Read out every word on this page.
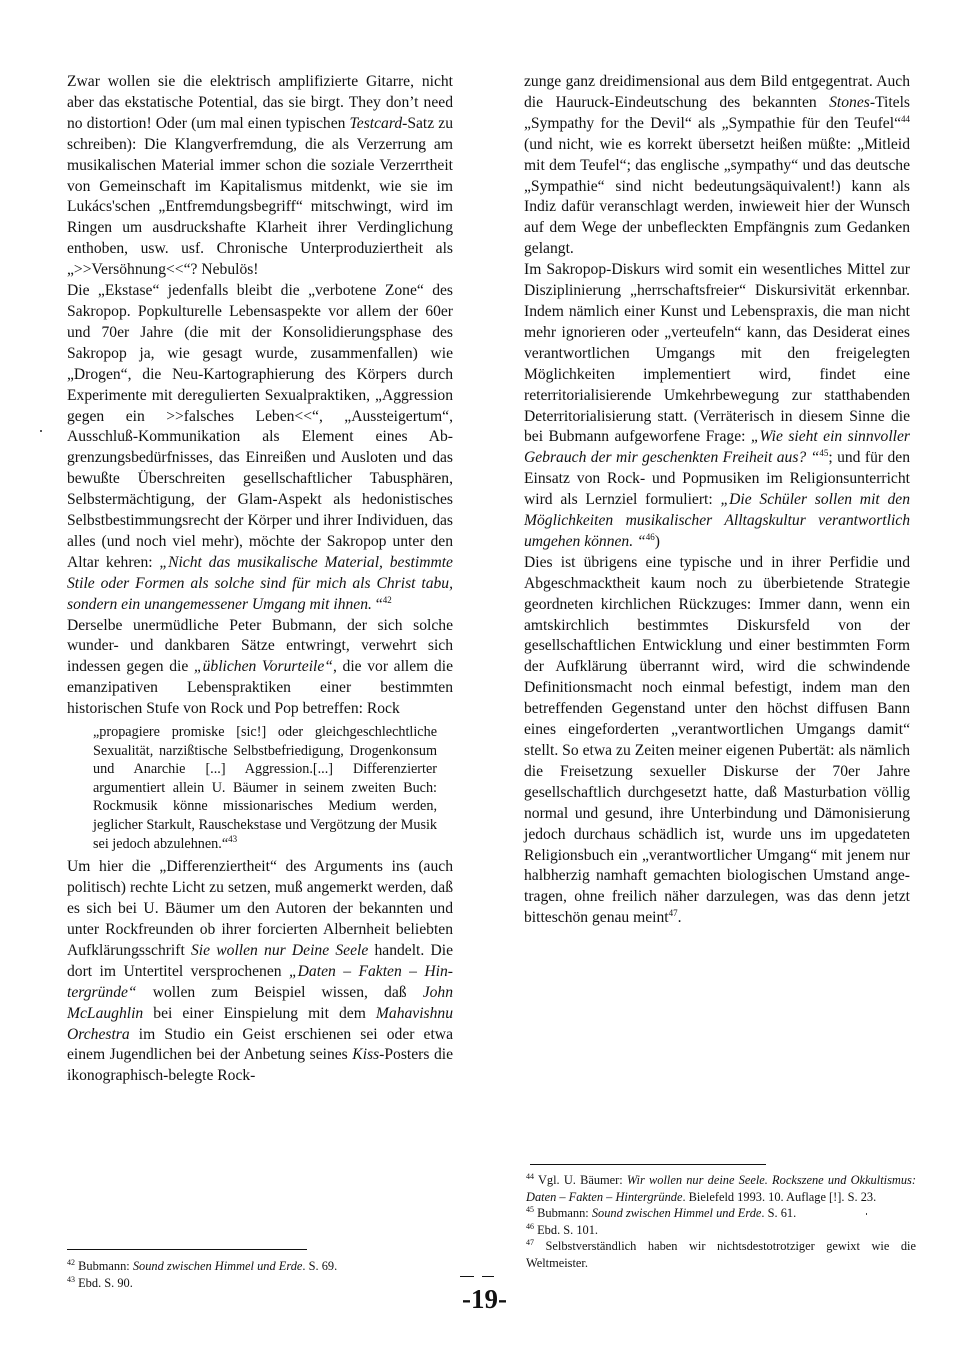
Zwar wollen sie die elektrisch amplifizierte Gitarre, nicht aber das ekstatische Potential, das sie birgt. They don’t need no distortion! Oder (um mal einen typischen Testcard-Satz zu schreiben): Die Klangverfremdung, die als Verzerrung am musikalischen Material immer schon die soziale Verzerrtheit von Gemeinschaft im Kapitalismus mitdenkt, wie sie im Lukács'schen „Entfremdungsbegriff“ mitschwingt, wird im Ringen um ausdruckshafte Klarheit ihrer Verdinglichung enthoben, usw. usf. Chronische Unterproduziertheit als „>>Versöhnung<<“? Nebulös!

Die „Ekstase“ jedenfalls bleibt die „verbotene Zone“ des Sakropop. Popkulturelle Lebensaspekte vor allem der 60er und 70er Jahre (die mit der Konsolidierungsphase des Sakropop ja, wie gesagt wurde, zusammenfallen) wie „Drogen“, die Neu-Kartographierung des Körpers durch Experimente mit deregulierten Sexualpraktiken, „Aggression gegen ein >>falsches Leben<<“, „Aussteigertum“, Ausschluß-Kommunikation als Element eines Abgrenzungsbedürfnisses, das Einreißen und Ausloten und das bewußte Überschreiten gesellschaftlicher Tabusphären, Selbstermächtigung, der Glam-Aspekt als hedonistisches Selbstbestimmungsrecht der Körper und ihrer Individuen, das alles (und noch viel mehr), möchte der Sakropop unter den Altar kehren: „Nicht das musikalische Material, bestimmte Stile oder Formen als solche sind für mich als Christ tabu, sondern ein unangemessener Umgang mit ihnen. “$^{42}$

Derselbe unermüdliche Peter Bubmann, der sich solche wunder- und dankbaren Sätze entwringt, verwehrt sich indessen gegen die „üblichen Vorurteile“, die vor allem die emanzipativen Lebenspraktiken einer bestimmten historischen Stufe von Rock und Pop betreffen: Rock

„propagiere promiske [sic!] oder gleichgeschlechtliche Sexualität, narzißtische Selbstbefriedigung, Drogenkonsum und Anarchie [...] Aggression.[...] Differenzierter argumentiert allein U. Bäumer in seinem zweiten Buch: Rockmusik könne missionarisches Medium werden, jeglicher Starkult, Rauschekstase und Vergötzung der Musik sei jedoch abzulehnen.“$^{43}$

Um hier die „Differenziertheit“ des Arguments ins (auch politisch) rechte Licht zu setzen, muß angemerkt werden, daß es sich bei U. Bäumer um den Autoren der bekannten und unter Rockfreunden ob ihrer forcierten Albernheit beliebten Aufklärungsschrift Sie wollen nur Deine Seele handelt. Die dort im Untertitel versprochenen „Daten – Fakten – Hintergründe“ wollen zum Beispiel wissen, daß John McLaughlin bei einer Einspielung mit dem Mahavishnu Orchestra im Studio ein Geist erschienen sei oder etwa einem Jugendlichen bei der Anbetung seines Kiss-Posters die ikonographisch-belegte Rock-

zunge ganz dreidimensional aus dem Bild entgegentrat. Auch die Hauruck-Eindeutschung des bekannten Stones-Titels „Sympathy for the Devil“ als „Sympathie für den Teufel“$^{44}$ (und nicht, wie es korrekt übersetzt heißen müßte: „Mitleid mit dem Teufel“; das englische „sympathy“ und das deutsche „Sympathie“ sind nicht bedeutungsäquivalent!) kann als Indiz dafür veranschlagt werden, inwieweit hier der Wunsch auf dem Wege der unbefleckten Empfängnis zum Gedanken gelangt.

Im Sakropop-Diskurs wird somit ein wesentliches Mittel zur Disziplinierung „herrschaftsfreier“ Diskursivität erkennbar. Indem nämlich einer Kunst und Lebenspraxis, die man nicht mehr ignorieren oder „verteufeln“ kann, das Desiderat eines verantwortlichen Umgangs mit den freigelegten Möglichkeiten implementiert wird, findet eine reterritorialisierende Umkehrbewegung zur statthabenden Deterritorialisierung statt. (Verräterisch in diesem Sinne die bei Bubmann aufgeworfene Frage: „Wie sieht ein sinnvoller Gebrauch der mir geschenkten Freiheit aus? “$^{45}$; und für den Einsatz von Rock- und Popmusiken im Religionsunterricht wird als Lernziel formuliert: „Die Schüler sollen mit den Möglichkeiten musikalischer Alltagskultur verantwortlich umgehen können. “$^{46}$)

Dies ist übrigens eine typische und in ihrer Perfidie und Abgeschmacktheit kaum noch zu überbietende Strategie geordneten kirchlichen Rückzuges: Immer dann, wenn ein amtskirchlich bestimmtes Diskursfeld von der gesellschaftlichen Entwicklung und einer bestimmten Form der Aufklärung überrannt wird, wird die schwindende Definitionsmacht noch einmal befestigt, indem man den betreffenden Gegenstand unter den höchst diffusen Bann eines eingeforderten „verantwortlichen Umgangs damit“ stellt. So etwa zu Zeiten meiner eigenen Pubertät: als nämlich die Freisetzung sexueller Diskurse der 70er Jahre gesellschaftlich durchgesetzt hatte, daß Masturbation völlig normal und gesund, ihre Unterbindung und Dämonisierung jedoch durchaus schädlich ist, wurde uns im upgedateten Religionsbuch ein „verantwortlicher Umgang“ mit jenem nur halbherzig namhaft gemachten biologischen Umstand angetragen, ohne freilich näher darzulegen, was das denn jetzt bitteschön genau meint$^{47}$.

$^{42}$ Bubmann: Sound zwischen Himmel und Erde. S. 69.

$^{43}$ Ebd. S. 90.

$^{44}$ Vgl. U. Bäumer: Wir wollen nur deine Seele. Rockszene und Okkultismus: Daten – Fakten – Hintergründe. Bielefeld 1993. 10. Auflage [!]. S. 23.

$^{45}$ Bubmann: Sound zwischen Himmel und Erde. S. 61.

$^{46}$ Ebd. S. 101.

$^{47}$ Selbstverständlich haben wir nichtsdestotrotziger gewixt wie die Weltmeister.

-19-
